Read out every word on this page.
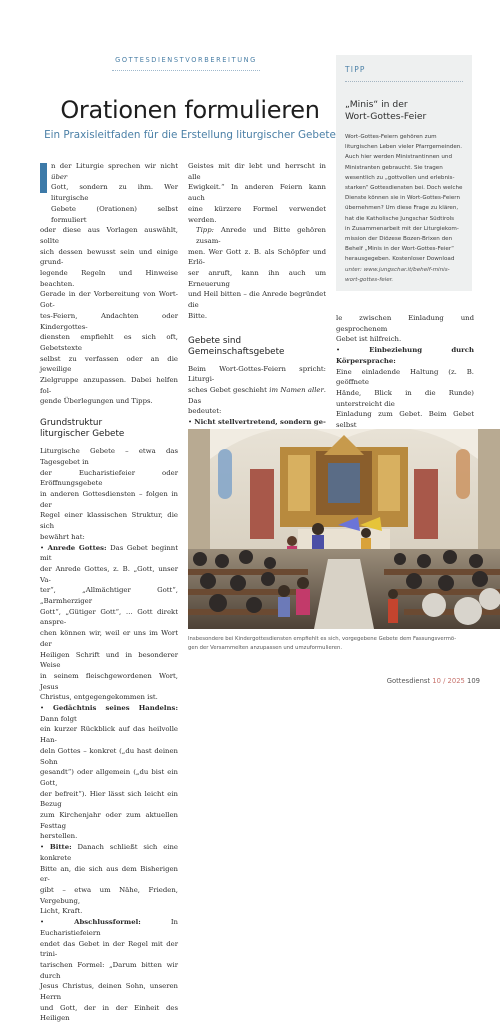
GOTTESDIENSTVORBEREITUNG
Orationen formulieren
Ein Praxisleitfaden für die Erstellung liturgischer Gebete
n der Liturgie sprechen wir nicht über
Gott, sondern zu ihm. Wer liturgische
Gebete (Orationen) selbst formuliert
oder diese aus Vorlagen auswählt, sollte
sich dessen bewusst sein und einige grund-
legende Regeln und Hinweise beachten.
Gerade in der Vorbereitung von Wort-Got-
tes-Feiern, Andachten oder Kindergottes-
diensten empfiehlt es sich oft, Gebetstexte
selbst zu verfassen oder an die jeweilige
Zielgruppe anzupassen. Dabei helfen fol-
gende Überlegungen und Tipps.
Grundstruktur
liturgischer Gebete
Liturgische Gebete – etwa das Tagesgebet in
der Eucharistiefeier oder Eröffnungsgebete
in anderen Gottesdiensten – folgen in der
Regel einer klassischen Struktur, die sich
bewährt hat:
• Anrede Gottes: Das Gebet beginnt mit
der Anrede Gottes, z. B. „Gott, unser Va-
ter“, „Allmächtiger Gott“, „Barmherziger
Gott“, „Gütiger Gott“, … Gott direkt anspre-
chen können wir, weil er uns im Wort der
Heiligen Schrift und in besonderer Weise
in seinem fleischgewordenen Wort, Jesus
Christus, entgegengekommen ist.
• Gedächtnis seines Handelns: Dann folgt
ein kurzer Rückblick auf das heilvolle Han-
deln Gottes – konkret („du hast deinen Sohn
gesandt“) oder allgemein („du bist ein Gott,
der befreit“). Hier lässt sich leicht ein Bezug
zum Kirchenjahr oder zum aktuellen Festtag
herstellen.
• Bitte: Danach schließt sich eine konkrete
Bitte an, die sich aus dem Bisherigen er-
gibt – etwa um Nähe, Frieden, Vergebung,
Licht, Kraft.
• Abschlussformel: In Eucharistiefeiern
endet das Gebet in der Regel mit der trini-
tarischen Formel: „Darum bitten wir durch
Jesus Christus, deinen Sohn, unseren Herrn
und Gott, der in der Einheit des Heiligen
Geistes mit dir lebt und herrscht in alle
Ewigkeit.“ In anderen Feiern kann auch
eine kürzere Formel verwendet werden.
Tipp: Anrede und Bitte gehören zusam-
men. Wer Gott z. B. als Schöpfer und Erlö-
ser anruft, kann ihn auch um Erneuerung
und Heil bitten – die Anrede begründet die
Bitte.
Gebete sind
Gemeinschaftsgebete
Beim Wort-Gottes-Feiern spricht: Liturgi-
sches Gebet geschieht im Namen aller. Das
bedeutet:
• Nicht stellvertretend, sondern ge-
le zwischen Einladung und gesprochenem
Gebet ist hilfreich.
• Einbeziehung durch Körpersprache:
Eine einladende Haltung (z. B. geöffnete
Hände, Blick in die Runde) unterstreicht die
Einladung zum Gebet. Beim Gebet selbst
TIPP
„Minis“ in der
Wort-Gottes-Feier
Wort-Gottes-Feiern gehören zum
liturgischen Leben vieler Pfarrgemeinden.
Auch hier werden Ministrantinnen und
Ministranten gebraucht. Sie tragen
wesentlich zu „gottvollen und erlebnis-
starken“ Gottesdiensten bei. Doch welche
Dienste können sie in Wort-Gottes-Feiern
übernehmen? Um diese Frage zu klären,
hat die Katholische Jungschar Südtirols
in Zusammenarbeit mit der Liturgiekom-
mission der Diözese Bozen-Brixen den
Behelf „Minis in der Wort-Gottes-Feier“
herausgegeben. Kostenloser Download
unter: www.jungschar.it/behelf-minis-
wort-gottes-feier.
Insbesondere bei Kindergottesdiensten empfiehlt es sich, vorgegebene Gebete dem Fassungsvermö-
gen der Versammelten anzupassen und umzuformulieren.
Gottesdienst 10 / 2025 109
